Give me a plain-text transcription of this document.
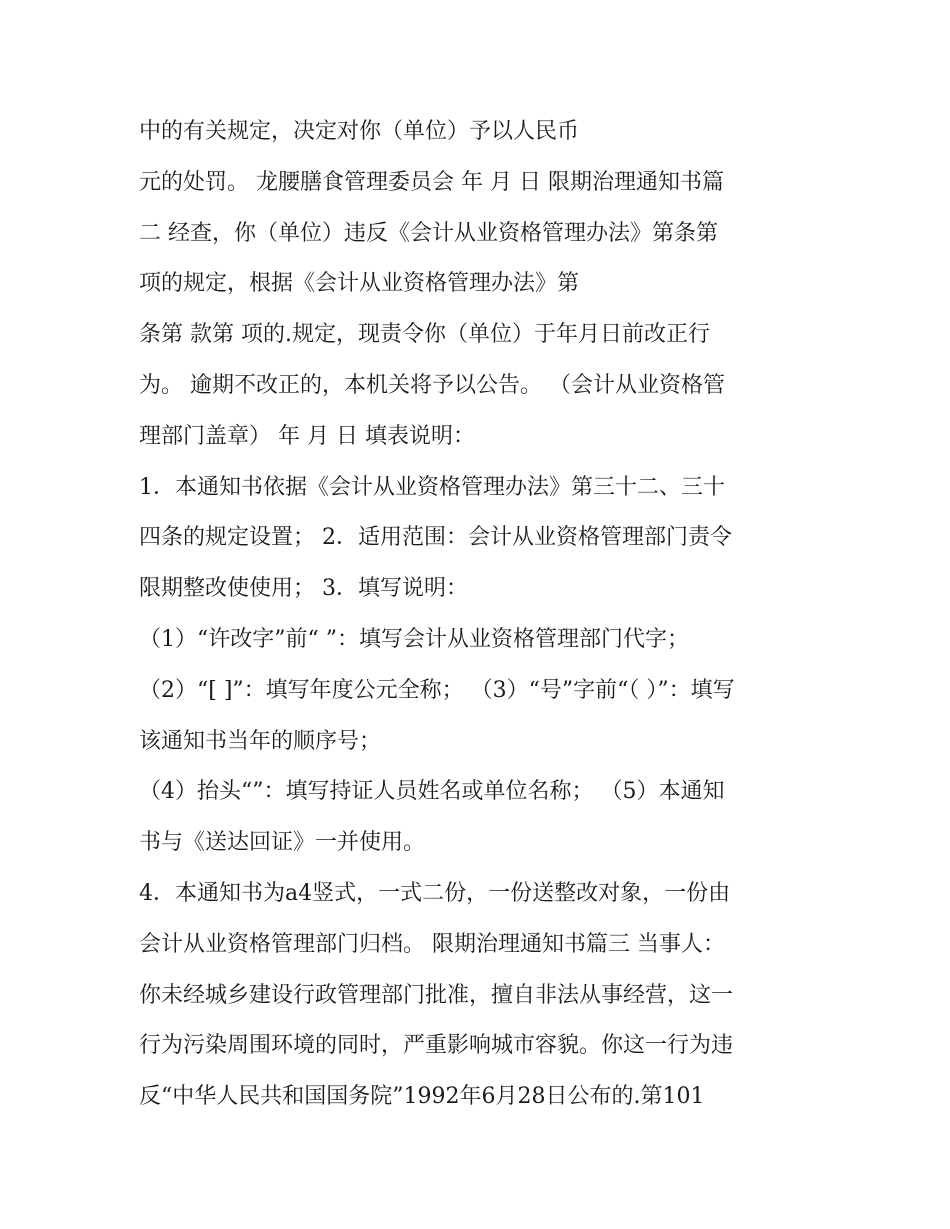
中的有关规定，决定对你（单位）予以人民币
元的处罚。 龙腰膳食管理委员会 年 月 日 限期治理通知书篇
二 经查，你（单位）违反《会计从业资格管理办法》第条第
项的规定，根据《会计从业资格管理办法》第
条第 款第 项的.规定，现责令你（单位）于年月日前改正行
为。 逾期不改正的，本机关将予以公告。 （会计从业资格管
理部门盖章） 年 月 日 填表说明：
1．本通知书依据《会计从业资格管理办法》第三十二、三十
四条的规定设置； 2．适用范围：会计从业资格管理部门责令
限期整改使使用； 3．填写说明：
（1）“许改字”前“ ”：填写会计从业资格管理部门代字；
（2）“[ ]”：填写年度公元全称； （3）“号”字前“（ ）”：填写
该通知书当年的顺序号；
（4）抬头“”：填写持证人员姓名或单位名称； （5）本通知
书与《送达回证》一并使用。
4．本通知书为a4竖式，一式二份，一份送整改对象，一份由
会计从业资格管理部门归档。 限期治理通知书篇三 当事人：
你未经城乡建设行政管理部门批准，擅自非法从事经营，这一
行为污染周围环境的同时，严重影响城市容貌。你这一行为违
反“中华人民共和国国务院”1992年6月28日公布的.第101
